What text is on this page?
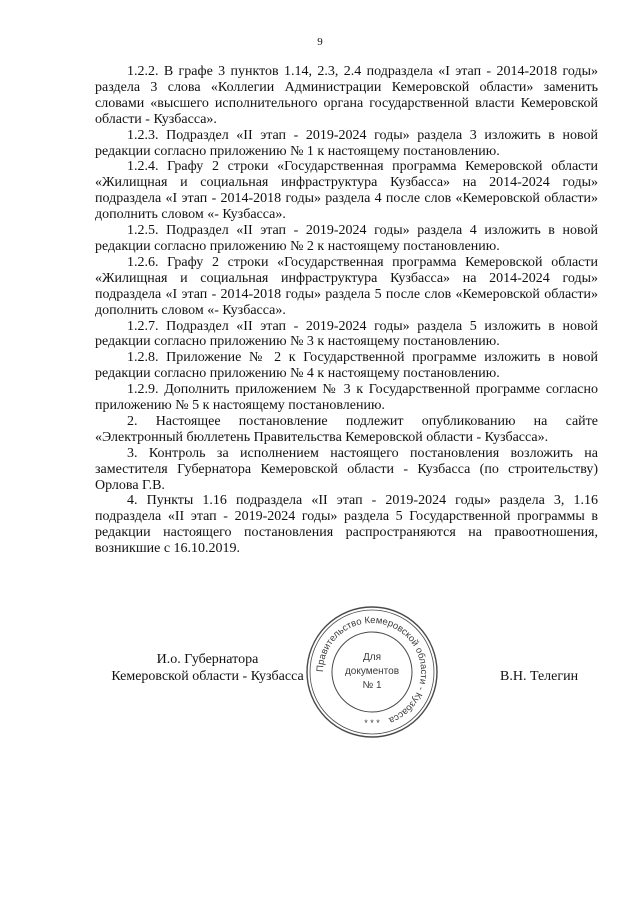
9

1.2.2. В графе 3 пунктов 1.14, 2.3, 2.4 подраздела «I этап - 2014-2018 годы» раздела 3 слова «Коллегии Администрации Кемеровской области» заменить словами «высшего исполнительного органа государственной власти Кемеровской области - Кузбасса».

1.2.3. Подраздел «II этап - 2019-2024 годы» раздела 3 изложить в новой редакции согласно приложению № 1 к настоящему постановлению.

1.2.4. Графу 2 строки «Государственная программа Кемеровской области «Жилищная и социальная инфраструктура Кузбасса» на 2014-2024 годы» подраздела «I этап - 2014-2018 годы» раздела 4 после слов «Кемеровской области» дополнить словом «- Кузбасса».

1.2.5. Подраздел «II этап - 2019-2024 годы» раздела 4 изложить в новой редакции согласно приложению № 2 к настоящему постановлению.

1.2.6. Графу 2 строки «Государственная программа Кемеровской области «Жилищная и социальная инфраструктура Кузбасса» на 2014-2024 годы» подраздела «I этап - 2014-2018 годы» раздела 5 после слов «Кемеровской области» дополнить словом «- Кузбасса».

1.2.7. Подраздел «II этап - 2019-2024 годы» раздела 5 изложить в новой редакции согласно приложению № 3 к настоящему постановлению.

1.2.8. Приложение № 2 к Государственной программе изложить в новой редакции согласно приложению № 4 к настоящему постановлению.

1.2.9. Дополнить приложением № 3 к Государственной программе согласно приложению № 5 к настоящему постановлению.

2. Настоящее постановление подлежит опубликованию на сайте «Электронный бюллетень Правительства Кемеровской области - Кузбасса».

3. Контроль за исполнением настоящего постановления возложить на заместителя Губернатора Кемеровской области - Кузбасса (по строительству) Орлова Г.В.

4. Пункты 1.16 подраздела «II этап - 2019-2024 годы» раздела 3, 1.16 подраздела «II этап - 2019-2024 годы» раздела 5 Государственной программы в редакции настоящего постановления распространяются на правоотношения, возникшие с 16.10.2019.

И.о. Губернатора
Кемеровской области - Кузбасса	В.Н. Телегин
Правительство Кемеровской области - Кузбасса
Для
документов
№ 1
* * *
